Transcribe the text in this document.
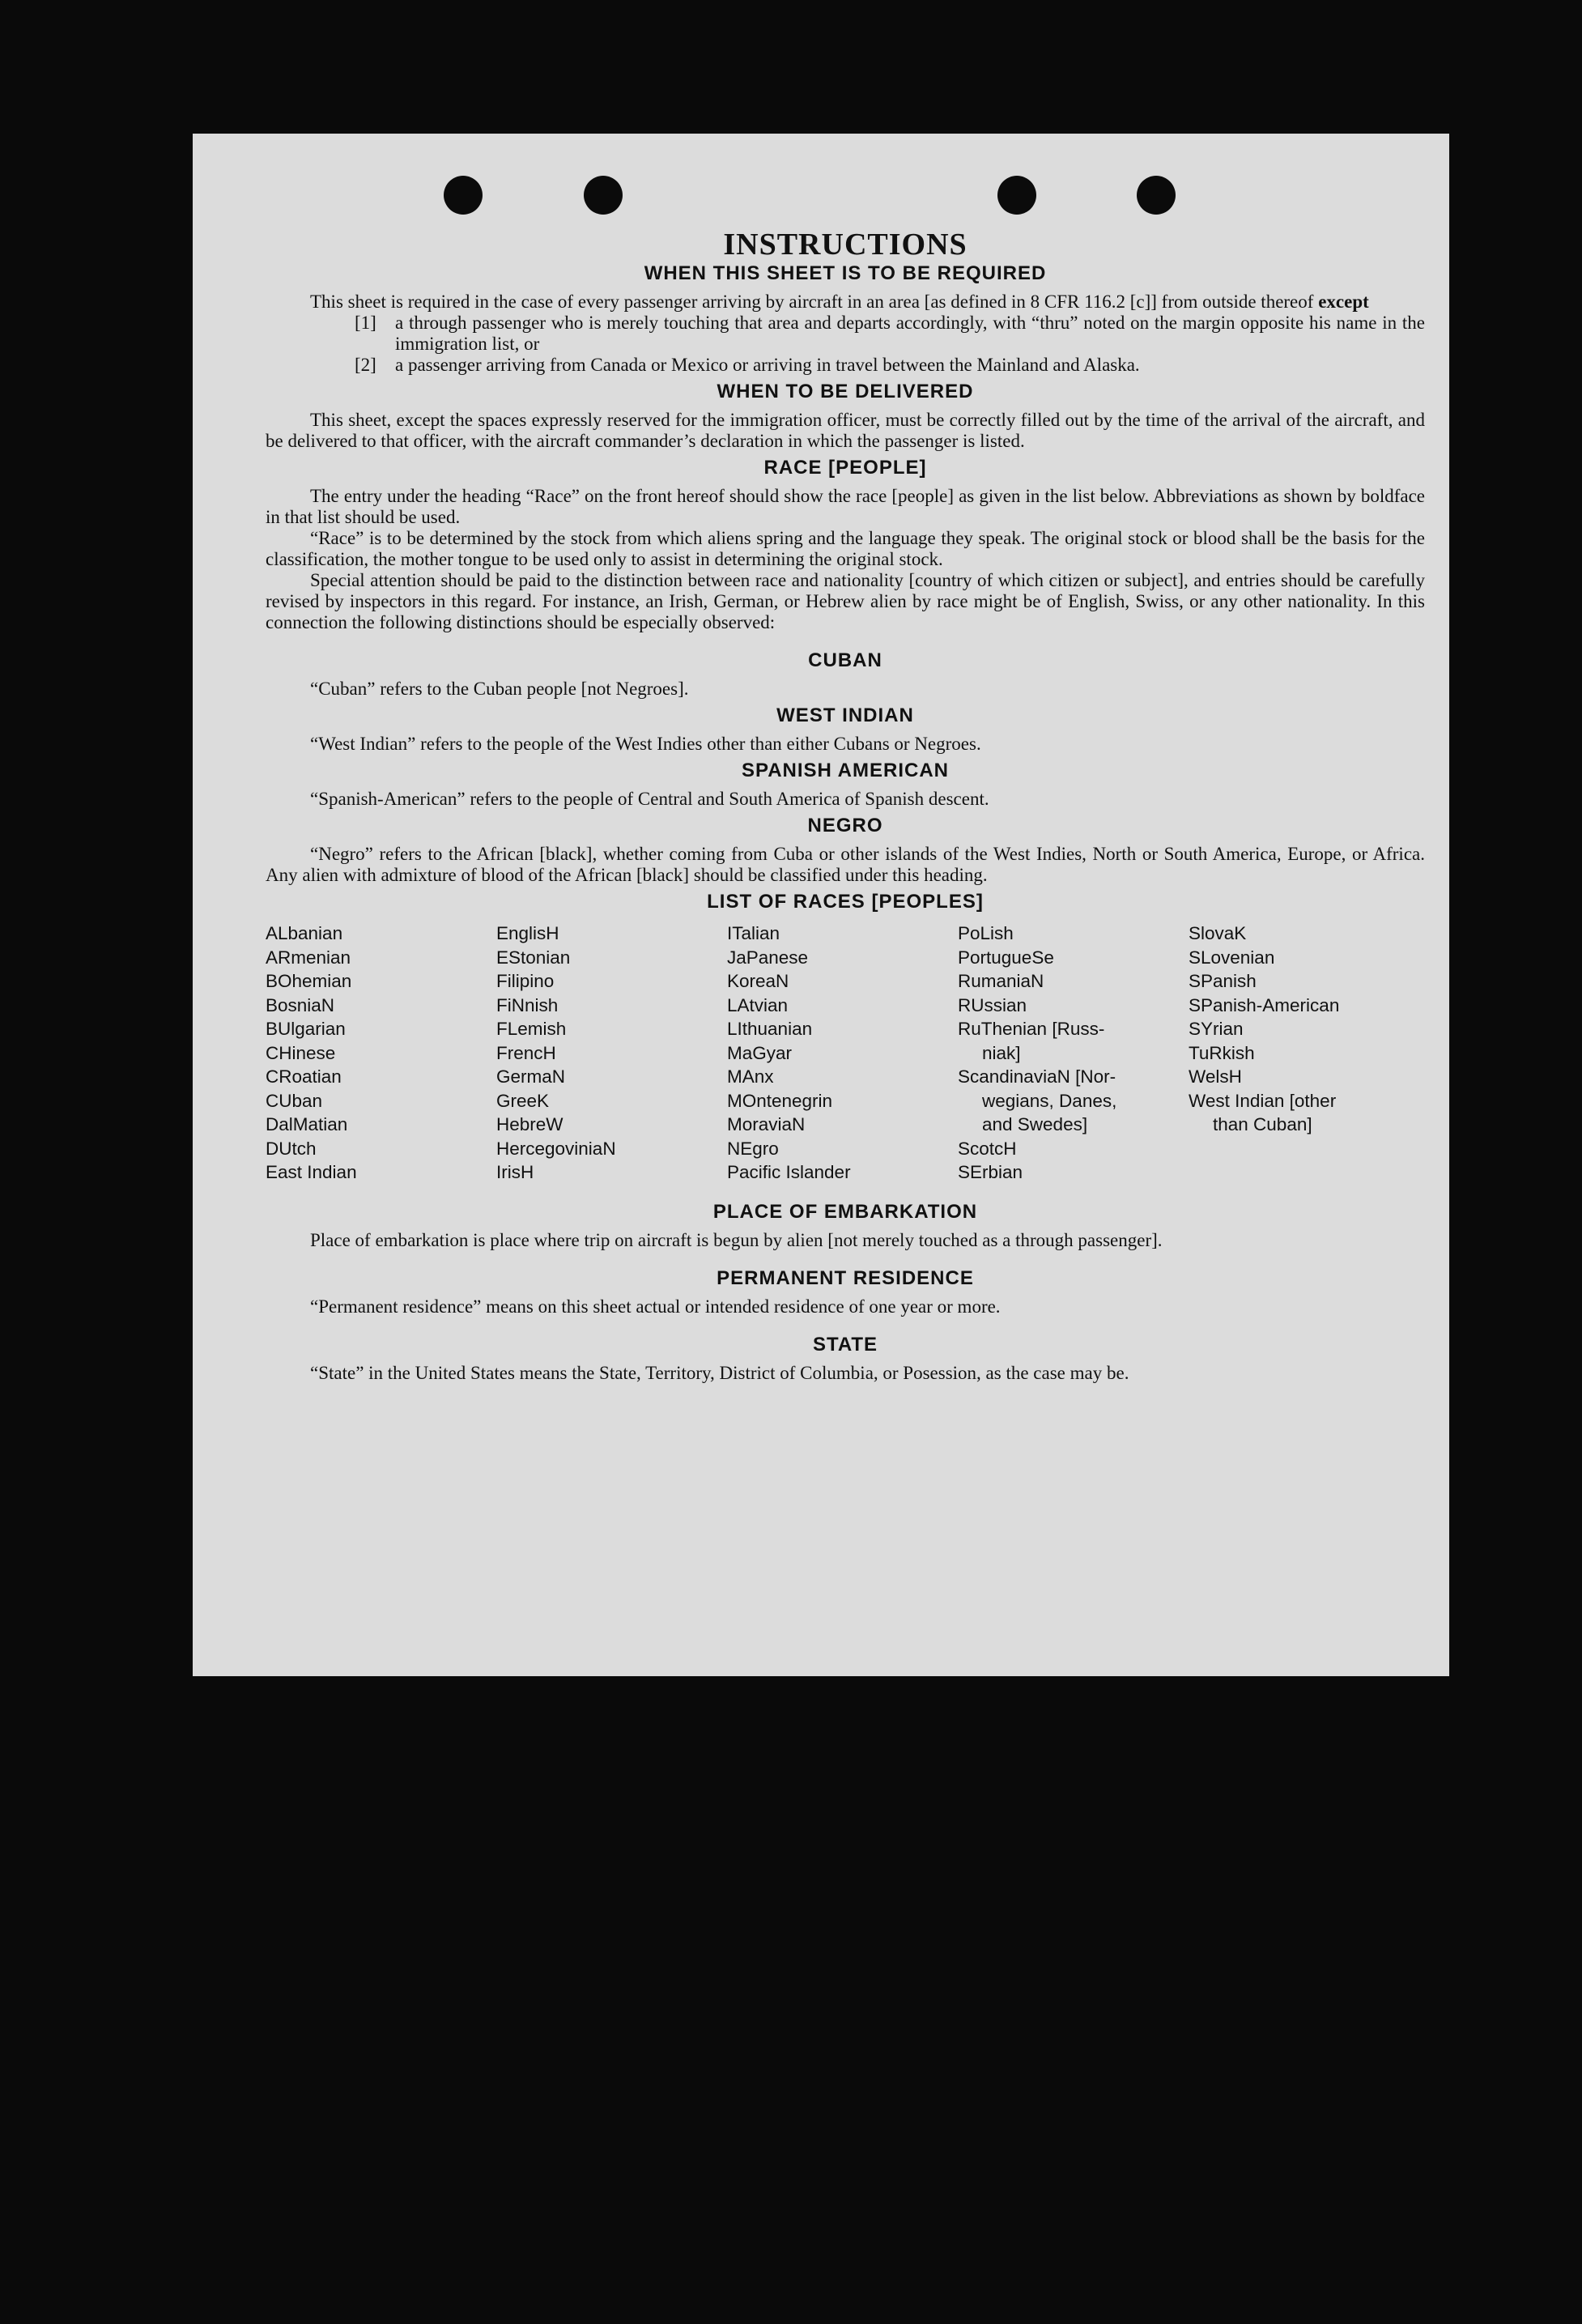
INSTRUCTIONS
WHEN THIS SHEET IS TO BE REQUIRED

This sheet is required in the case of every passenger arriving by aircraft in an area [as defined in 8 CFR 116.2 [c]] from outside thereof except

[1]	a through passenger who is merely touching that area and departs accordingly, with “thru” noted on the margin opposite his name in the immigration list, or
[2]	a passenger arriving from Canada or Mexico or arriving in travel between the Mainland and Alaska.
WHEN TO BE DELIVERED

This sheet, except the spaces expressly reserved for the immigration officer, must be correctly filled out by the time of the arrival of the aircraft, and be delivered to that officer, with the aircraft commander’s declaration in which the passenger is listed.

RACE [PEOPLE]

The entry under the heading “Race” on the front hereof should show the race [people] as given in the list below. Abbreviations as shown by boldface in that list should be used.

“Race” is to be determined by the stock from which aliens spring and the language they speak. The original stock or blood shall be the basis for the classification, the mother tongue to be used only to assist in determining the original stock.

Special attention should be paid to the distinction between race and nationality [country of which citizen or subject], and entries should be carefully revised by inspectors in this regard. For instance, an Irish, German, or Hebrew alien by race might be of English, Swiss, or any other nationality. In this connection the following distinctions should be especially observed:

CUBAN

“Cuban” refers to the Cuban people [not Negroes].

WEST INDIAN

“West Indian” refers to the people of the West Indies other than either Cubans or Negroes.

SPANISH AMERICAN

“Spanish-American” refers to the people of Central and South America of Spanish descent.

NEGRO

“Negro” refers to the African [black], whether coming from Cuba or other islands of the West Indies, North or South America, Europe, or Africa. Any alien with admixture of blood of the African [black] should be classified under this heading.

LIST OF RACES [PEOPLES]
ALbanian
ARmenian
BOhemian
BosniaN
BUlgarian
CHinese
CRoatian
CUban
DalMatian
DUtch
East Indian
EnglisH
EStonian
Filipino
FiNnish
FLemish
FrencH
GermaN
GreeK
HebreW
HercegoviniaN
IrisH
ITalian
JaPanese
KoreaN
LAtvian
LIthuanian
MaGyar
MAnx
MOntenegrin
MoraviaN
NEgro
Pacific Islander
PoLish
PortugueSe
RumaniaN
RUssian
RuThenian [Russ-
niak]
ScandinaviaN [Nor-
wegians, Danes,
and Swedes]
ScotcH
SErbian
SlovaK
SLovenian
SPanish
SPanish-American
SYrian
TuRkish
WelsH
West Indian [other
than Cuban]
PLACE OF EMBARKATION

Place of embarkation is place where trip on aircraft is begun by alien [not merely touched as a through passenger].

PERMANENT RESIDENCE

“Permanent residence” means on this sheet actual or intended residence of one year or more.

STATE

“State” in the United States means the State, Territory, District of Columbia, or Posession, as the case may be.
